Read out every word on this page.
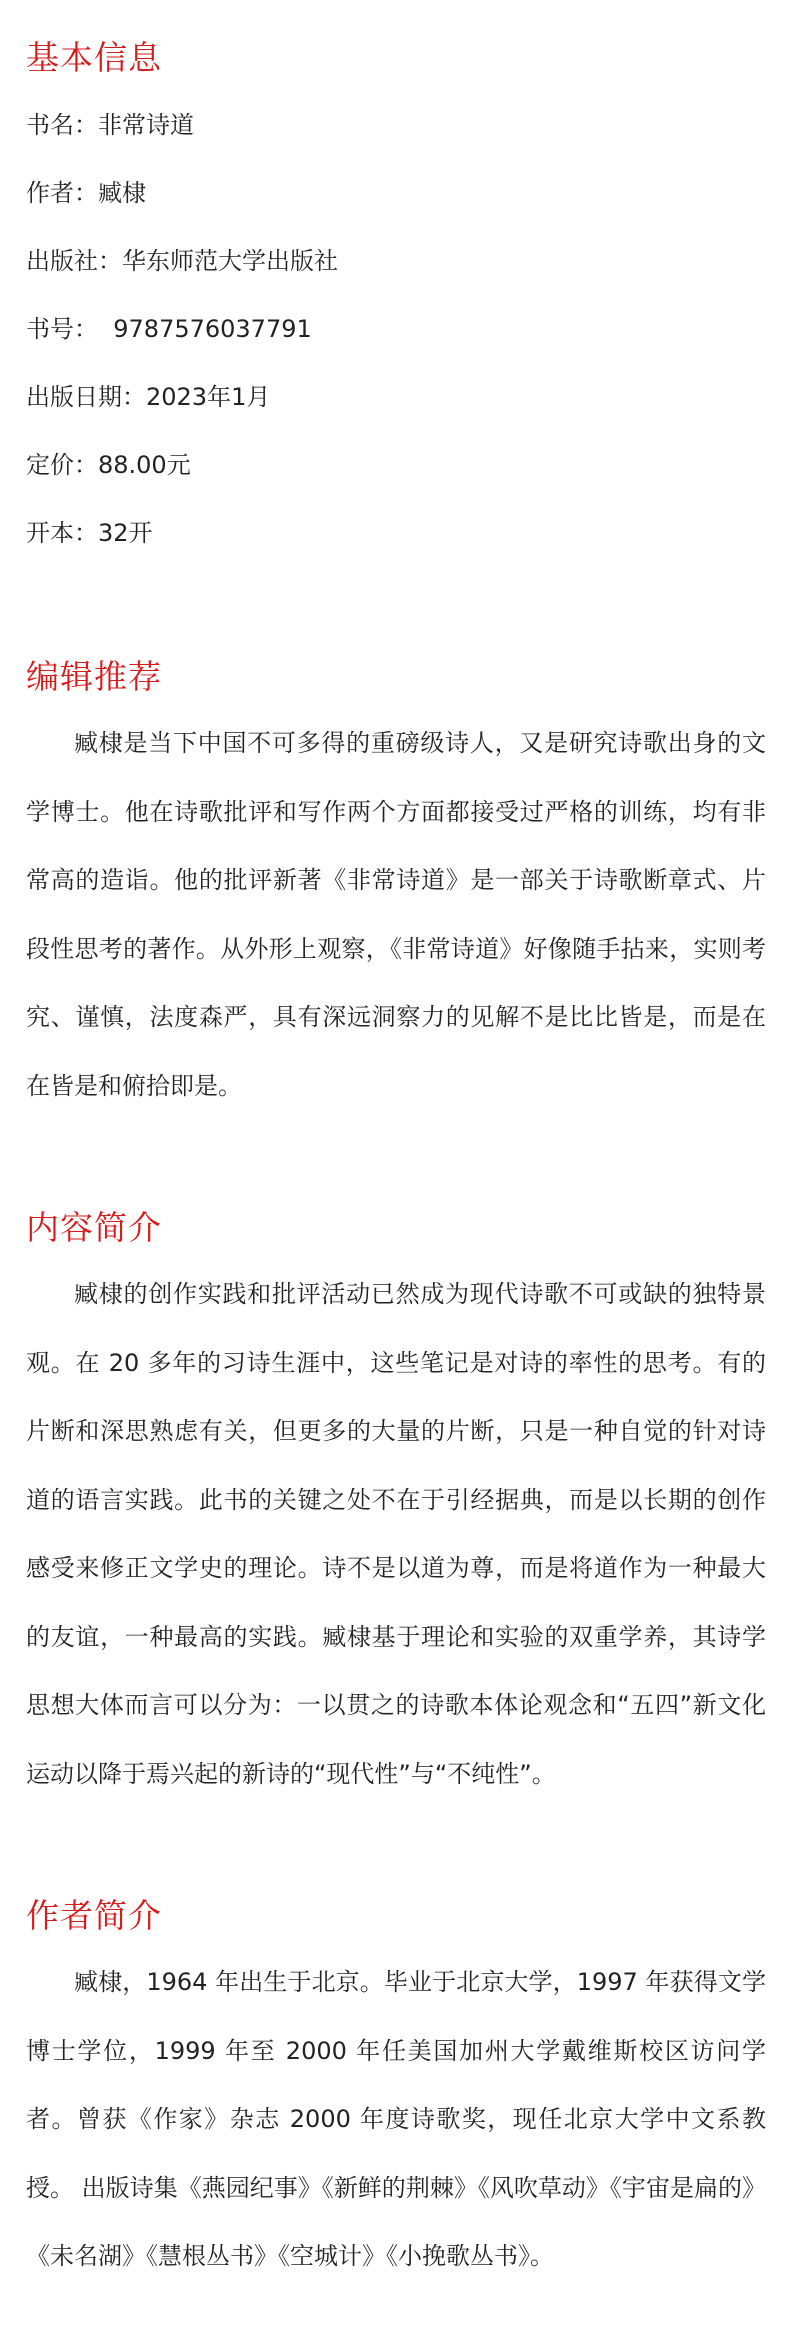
基本信息

书名：非常诗道

作者：臧棣

出版社：华东师范大学出版社

书号：  9787576037791

出版日期：2023年1月

定价：88.00元

开本：32开

编辑推荐

臧棣是当下中国不可多得的重磅级诗人，又是研究诗歌出身的文学博士。他在诗歌批评和写作两个方面都接受过严格的训练，均有非常高的造诣。他的批评新著《非常诗道》是一部关于诗歌断章式、片段性思考的著作。从外形上观察，《非常诗道》好像随手拈来，实则考究、谨慎，法度森严，具有深远洞察力的见解不是比比皆是，而是在在皆是和俯拾即是。

内容简介

臧棣的创作实践和批评活动已然成为现代诗歌不可或缺的独特景观。在 20 多年的习诗生涯中，这些笔记是对诗的率性的思考。有的片断和深思熟虑有关，但更多的大量的片断，只是一种自觉的针对诗道的语言实践。此书的关键之处不在于引经据典，而是以长期的创作感受来修正文学史的理论。诗不是以道为尊，而是将道作为一种最大的友谊，一种最高的实践。臧棣基于理论和实验的双重学养，其诗学思想大体而言可以分为：一以贯之的诗歌本体论观念和“五四”新文化运动以降于焉兴起的新诗的“现代性”与“不纯性”。

作者简介

臧棣，1964 年出生于北京。毕业于北京大学，1997 年获得文学博士学位，1999 年至 2000 年任美国加州大学戴维斯校区访问学者。曾获《作家》杂志 2000 年度诗歌奖，现任北京大学中文系教授。 出版诗集《燕园纪事》《新鲜的荆棘》《风吹草动》《宇宙是扁的》《未名湖》《慧根丛书》《空城计》《小挽歌丛书》。
